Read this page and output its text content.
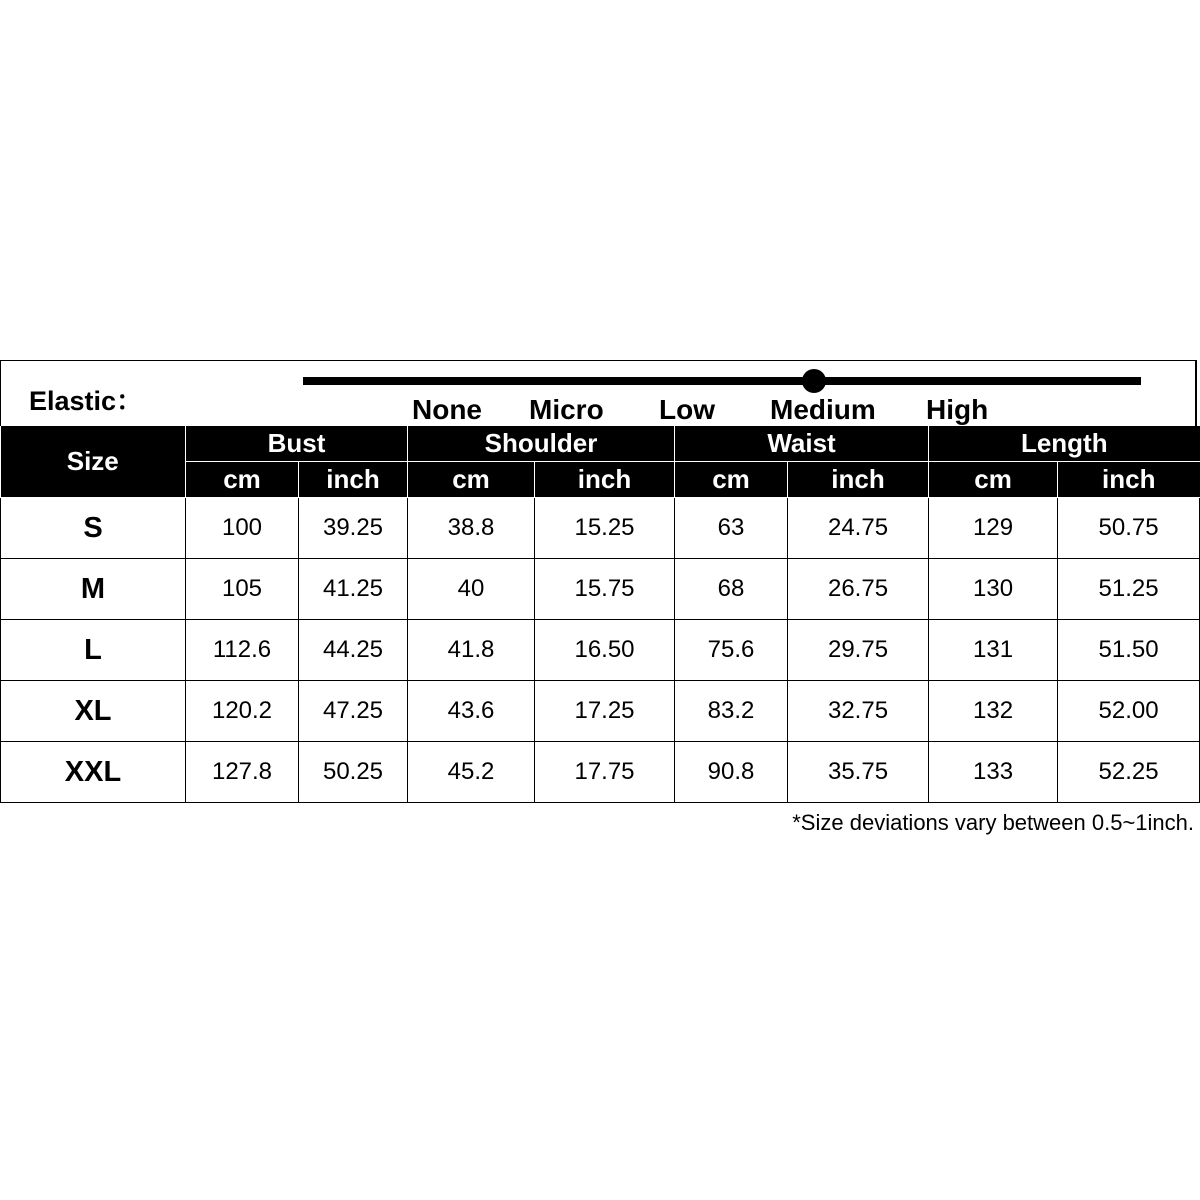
Elastic：	None Micro Low Medium High
Size	Bust		Shoulder		Waist		Length	
	cm	inch	cm	inch	cm	inch	cm	inch
S	100	39.25	38.8	15.25	63	24.75	129	50.75
M	105	41.25	40	15.75	68	26.75	130	51.25
L	112.6	44.25	41.8	16.50	75.6	29.75	131	51.50
XL	120.2	47.25	43.6	17.25	83.2	32.75	132	52.00
XXL	127.8	50.25	45.2	17.75	90.8	35.75	133	52.25
*Size deviations vary between 0.5~1inch.
